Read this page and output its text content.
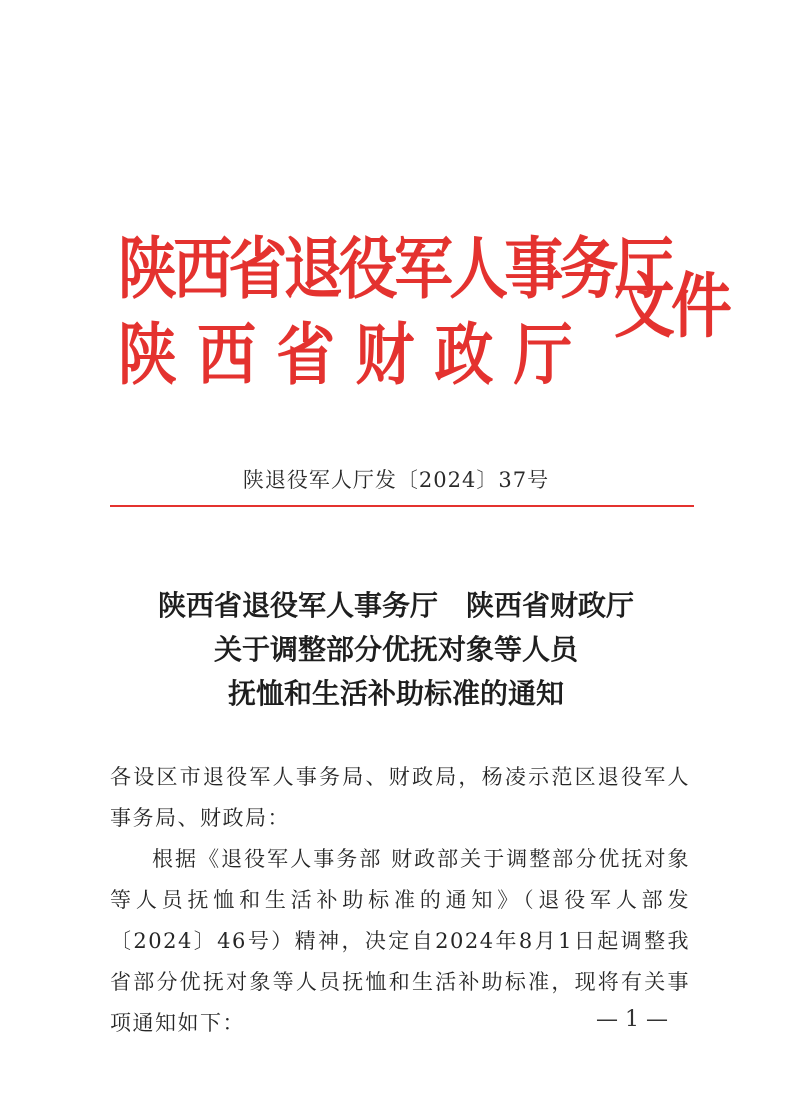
陕西省退役军人事务厅
陕西省财政厅
文件
陕退役军人厅发〔2024〕37号
陕西省退役军人事务厅　陕西省财政厅
关于调整部分优抚对象等人员
抚恤和生活补助标准的通知

各设区市退役军人事务局、财政局，杨凌示范区退役军人事务局、财政局：

根据《退役军人事务部 财政部关于调整部分优抚对象等人员抚恤和生活补助标准的通知》（退役军人部发〔2024〕46号）精神，决定自2024年8月1日起调整我省部分优抚对象等人员抚恤和生活补助标准，现将有关事项通知如下：	— 1 —
